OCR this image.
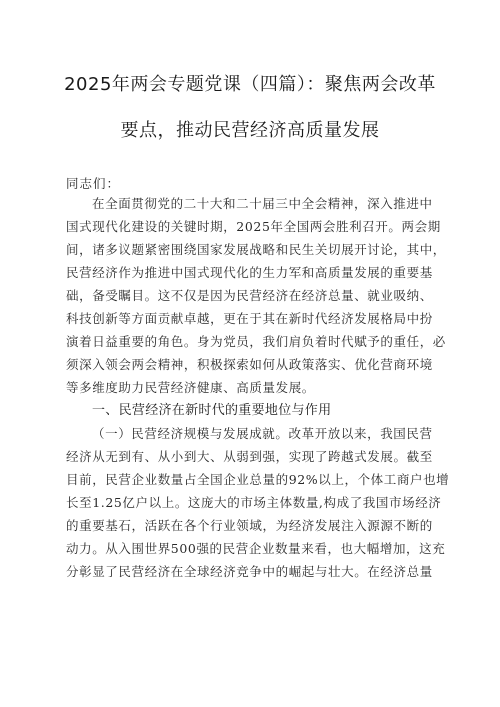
2025年两会专题党课（四篇）：聚焦两会改革
要点，推动民营经济高质量发展
同志们：
在全面贯彻党的二十大和二十届三中全会精神，深入推进中
国式现代化建设的关键时期，2025年全国两会胜利召开。两会期
间，诸多议题紧密围绕国家发展战略和民生关切展开讨论，其中，
民营经济作为推进中国式现代化的生力军和高质量发展的重要基
础，备受瞩目。这不仅是因为民营经济在经济总量、就业吸纳、
科技创新等方面贡献卓越，更在于其在新时代经济发展格局中扮
演着日益重要的角色。身为党员，我们肩负着时代赋予的重任，必
须深入领会两会精神，积极探索如何从政策落实、优化营商环境
等多维度助力民营经济健康、高质量发展。
一、民营经济在新时代的重要地位与作用
（一）民营经济规模与发展成就。改革开放以来，我国民营
经济从无到有、从小到大、从弱到强，实现了跨越式发展。截至
目前，民营企业数量占全国企业总量的92%以上，个体工商户也增
长至1.25亿户以上。这庞大的市场主体数量,构成了我国市场经济
的重要基石，活跃在各个行业领域，为经济发展注入源源不断的
动力。从入围世界500强的民营企业数量来看，也大幅增加，这充
分彰显了民营经济在全球经济竞争中的崛起与壮大。在经济总量
